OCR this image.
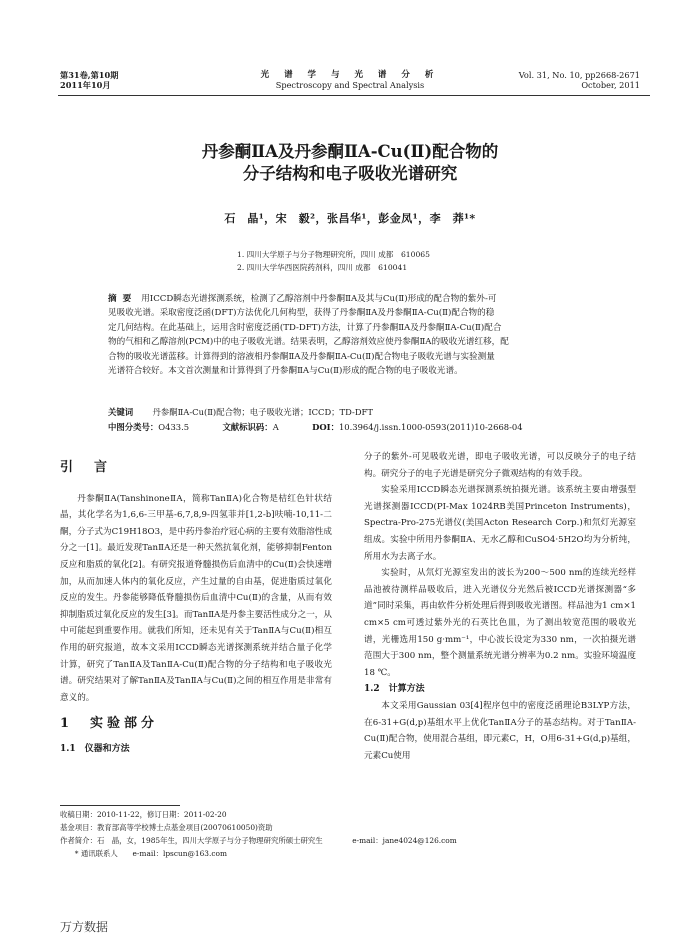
第31卷,第10期
2011年10月
光 谱 学 与 光 谱 分 析
Spectroscopy and Spectral Analysis
Vol. 31, No. 10, pp2668-2671
October, 2011
丹参酮ⅡA及丹参酮ⅡA-Cu(Ⅱ)配合物的
分子结构和电子吸收光谱研究
石　晶¹，宋　毅²，张昌华¹，彭金凤¹，李　莽¹*
1. 四川大学原子与分子物理研究所，四川 成都　610065
2. 四川大学华西医院药剂科，四川 成都　610041
摘要 用ICCD瞬态光谱探测系统，检测了乙醇溶剂中丹参酮ⅡA及其与Cu(Ⅱ)形成的配合物的紫外-可
见吸收光谱。采取密度泛函(DFT)方法优化几何构型，获得了丹参酮ⅡA及丹参酮ⅡA-Cu(Ⅱ)配合物的稳
定几何结构。在此基础上，运用含时密度泛函(TD-DFT)方法，计算了丹参酮ⅡA及丹参酮ⅡA-Cu(Ⅱ)配合
物的气相和乙醇溶剂(PCM)中的电子吸收光谱。结果表明，乙醇溶剂效应使丹参酮ⅡA的吸收光谱红移，配
合物的吸收光谱蓝移。计算得到的溶液相丹参酮ⅡA及丹参酮ⅡA-Cu(Ⅱ)配合物电子吸收光谱与实验测量
光谱符合较好。本文首次测量和计算得到了丹参酮ⅡA与Cu(Ⅱ)形成的配合物的电子吸收光谱。
关键词 丹参酮ⅡA-Cu(Ⅱ)配合物；电子吸收光谱；ICCD；TD-DFT
中图分类号：O433.5	文献标识码：A	DOI：10.3964/j.issn.1000-0593(2011)10-2668-04
引　言

丹参酮ⅡA(TanshinoneⅡA，简称TanⅡA)化合物是桔红色针状结晶，其化学名为1,6,6-三甲基-6,7,8,9-四氢菲并[1,2-b]呋喃-10,11-二酮，分子式为C19H18O3，是中药丹参治疗冠心病的主要有效脂溶性成分之一[1]。最近发现TanⅡA还是一种天然抗氧化剂，能够抑制Fenton反应和脂质的氧化[2]。有研究报道脊髓损伤后血清中的Cu(Ⅱ)会快速增加，从而加速人体内的氧化反应，产生过量的自由基，促进脂质过氧化反应的发生。丹参能够降低脊髓损伤后血清中Cu(Ⅱ)的含量，从而有效抑制脂质过氧化反应的发生[3]。而TanⅡA是丹参主要活性成分之一，从中可能起到重要作用。就我们所知，还未见有关于TanⅡA与Cu(Ⅱ)相互作用的研究报道，故本文采用ICCD瞬态光谱探测系统并结合量子化学计算，研究了TanⅡA及TanⅡA-Cu(Ⅱ)配合物的分子结构和电子吸收光谱。研究结果对了解TanⅡA及TanⅡA与Cu(Ⅱ)之间的相互作用是非常有意义的。

1　实验部分
1.1　仪器和方法

分子的紫外-可见吸收光谱，即电子吸收光谱，可以反映分子的电子结构。研究分子的电子光谱是研究分子微观结构的有效手段。

实验采用ICCD瞬态光谱探测系统拍摄光谱。该系统主要由增强型光谱探测器ICCD(PI-Max 1024RB美国Princeton Instruments)，Spectra-Pro-275光谱仪(美国Acton Research Corp.)和氘灯光源室组成。实验中所用丹参酮ⅡA、无水乙醇和CuSO4·5H2O均为分析纯，所用水为去离子水。

实验时，从氘灯光源室发出的波长为200～500 nm的连续光经样品池被待测样品吸收后，进入光谱仪分光然后被ICCD光谱探测器“多道”同时采集，再由软件分析处理后得到吸收光谱图。样品池为1 cm×1 cm×5 cm可透过紫外光的石英比色皿，为了测出较宽范围的吸收光谱，光栅选用150 g·mm⁻¹，中心波长设定为330 nm，一次拍摄光谱范围大于300 nm，整个测量系统光谱分辨率为0.2 nm。实验环境温度18 ℃。

1.2　计算方法

本文采用Gaussian 03[4]程序包中的密度泛函理论B3LYP方法，在6-31+G(d,p)基组水平上优化TanⅡA分子的基态结构。对于TanⅡA-Cu(Ⅱ)配合物，使用混合基组，即元素C，H，O用6-31+G(d,p)基组，元素Cu使用

收稿日期：2010-11-22，修订日期：2011-02-20
基金项目：教育部高等学校博士点基金项目(20070610050)资助
作者简介：石　晶，女，1985年生，四川大学原子与分子物理研究所硕士研究生　　　　e-mail：jane4024@126.com
　　* 通讯联系人　　e-mail：lpscun@163.com
万方数据
